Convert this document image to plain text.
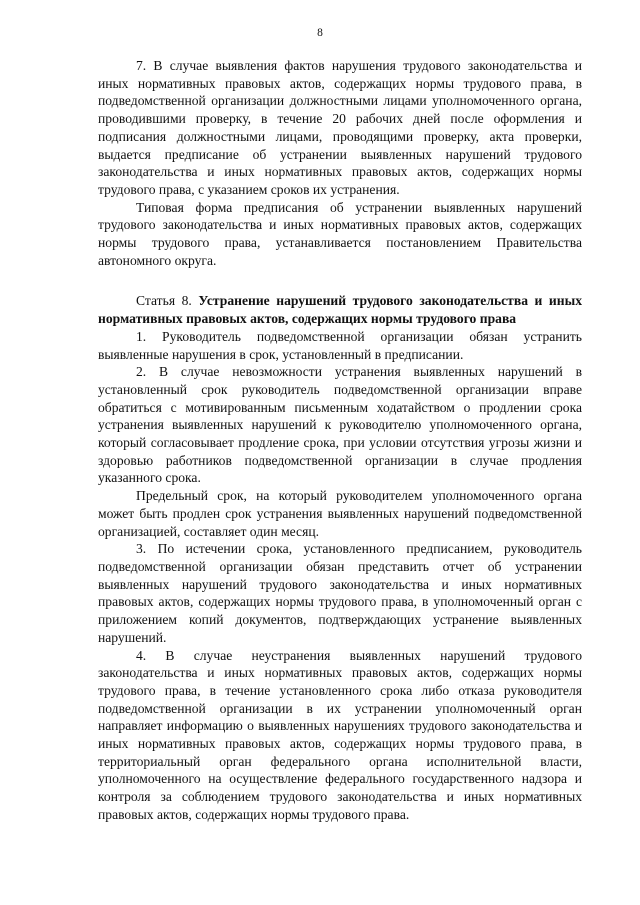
8

7. В случае выявления фактов нарушения трудового законодательства и иных нормативных правовых актов, содержащих нормы трудового права, в подведомственной организации должностными лицами уполномоченного органа, проводившими проверку, в течение 20 рабочих дней после оформления и подписания должностными лицами, проводящими проверку, акта проверки, выдается предписание об устранении выявленных нарушений трудового законодательства и иных нормативных правовых актов, содержащих нормы трудового права, с указанием сроков их устранения.

Типовая форма предписания об устранении выявленных нарушений трудового законодательства и иных нормативных правовых актов, содержащих нормы трудового права, устанавливается постановлением Правительства автономного округа.

Статья 8. Устранение нарушений трудового законодательства и иных нормативных правовых актов, содержащих нормы трудового права

1. Руководитель подведомственной организации обязан устранить выявленные нарушения в срок, установленный в предписании.

2. В случае невозможности устранения выявленных нарушений в установленный срок руководитель подведомственной организации вправе обратиться с мотивированным письменным ходатайством о продлении срока устранения выявленных нарушений к руководителю уполномоченного органа, который согласовывает продление срока, при условии отсутствия угрозы жизни и здоровью работников подведомственной организации в случае продления указанного срока.

Предельный срок, на который руководителем уполномоченного органа может быть продлен срок устранения выявленных нарушений подведомственной организацией, составляет один месяц.

3. По истечении срока, установленного предписанием, руководитель подведомственной организации обязан представить отчет об устранении выявленных нарушений трудового законодательства и иных нормативных правовых актов, содержащих нормы трудового права, в уполномоченный орган с приложением копий документов, подтверждающих устранение выявленных нарушений.

4. В случае неустранения выявленных нарушений трудового законодательства и иных нормативных правовых актов, содержащих нормы трудового права, в течение установленного срока либо отказа руководителя подведомственной организации в их устранении уполномоченный орган направляет информацию о выявленных нарушениях трудового законодательства и иных нормативных правовых актов, содержащих нормы трудового права, в территориальный орган федерального органа исполнительной власти, уполномоченного на осуществление федерального государственного надзора и контроля за соблюдением трудового законодательства и иных нормативных правовых актов, содержащих нормы трудового права.
